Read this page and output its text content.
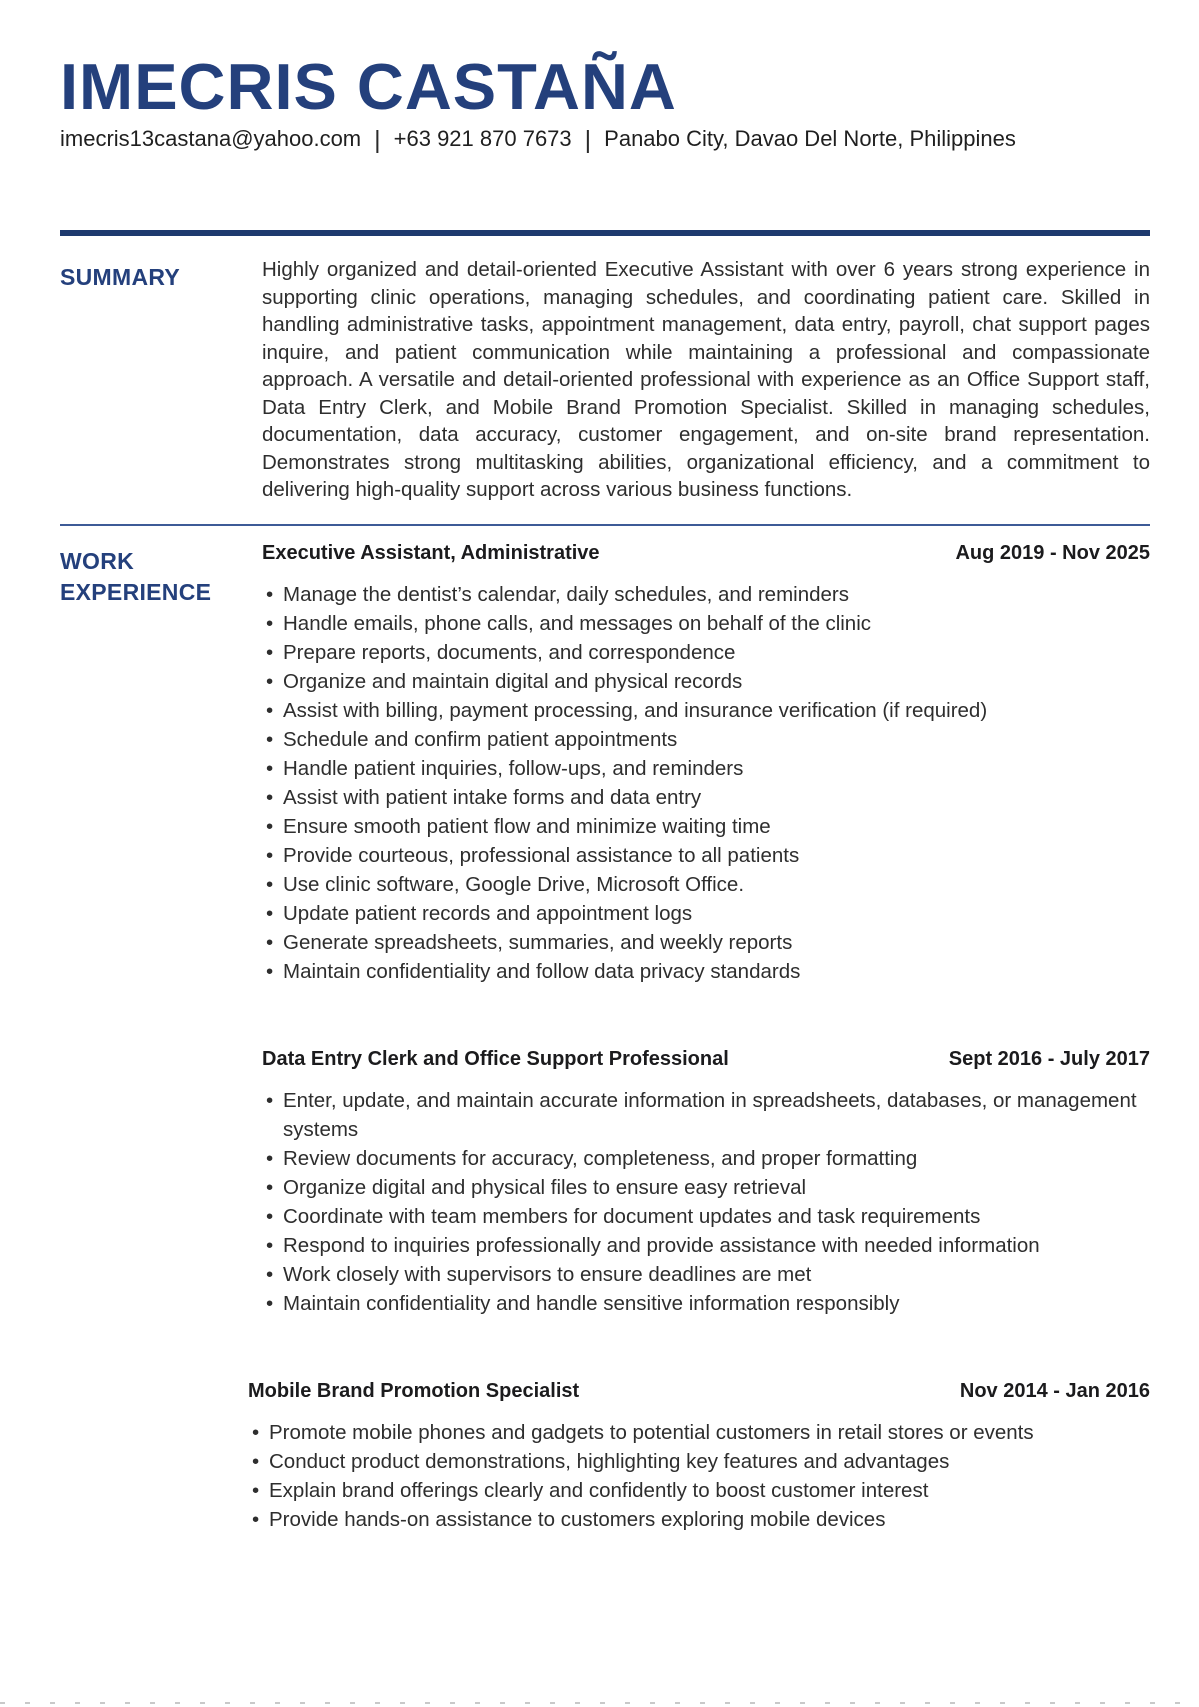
IMECRIS CASTAÑA
imecris13castana@yahoo.com | +63 921 870 7673 | Panabo City, Davao Del Norte, Philippines
SUMMARY	Highly organized and detail-oriented Executive Assistant with over 6 years strong experience in supporting clinic operations, managing schedules, and coordinating patient care. Skilled in handling administrative tasks, appointment management, data entry, payroll, chat support pages inquire, and patient communication while maintaining a professional and compassionate approach. A versatile and detail-oriented professional with experience as an Office Support staff, Data Entry Clerk, and Mobile Brand Promotion Specialist. Skilled in managing schedules, documentation, data accuracy, customer engagement, and on-site brand representation. Demonstrates strong multitasking abilities, organizational efficiency, and a commitment to delivering high-quality support across various business functions.

WORK EXPERIENCE
Executive Assistant, Administrative	Aug 2019 - Nov 2025
• Manage the dentist’s calendar, daily schedules, and reminders
• Handle emails, phone calls, and messages on behalf of the clinic
• Prepare reports, documents, and correspondence
• Organize and maintain digital and physical records
• Assist with billing, payment processing, and insurance verification (if required)
• Schedule and confirm patient appointments
• Handle patient inquiries, follow-ups, and reminders
• Assist with patient intake forms and data entry
• Ensure smooth patient flow and minimize waiting time
• Provide courteous, professional assistance to all patients
• Use clinic software, Google Drive, Microsoft Office.
• Update patient records and appointment logs
• Generate spreadsheets, summaries, and weekly reports
• Maintain confidentiality and follow data privacy standards
Data Entry Clerk and Office Support Professional	Sept 2016 - July 2017
• Enter, update, and maintain accurate information in spreadsheets, databases, or management systems
• Review documents for accuracy, completeness, and proper formatting
• Organize digital and physical files to ensure easy retrieval
• Coordinate with team members for document updates and task requirements
• Respond to inquiries professionally and provide assistance with needed information
• Work closely with supervisors to ensure deadlines are met
• Maintain confidentiality and handle sensitive information responsibly
Mobile Brand Promotion Specialist	Nov 2014 - Jan 2016
• Promote mobile phones and gadgets to potential customers in retail stores or events
• Conduct product demonstrations, highlighting key features and advantages
• Explain brand offerings clearly and confidently to boost customer interest
• Provide hands-on assistance to customers exploring mobile devices
